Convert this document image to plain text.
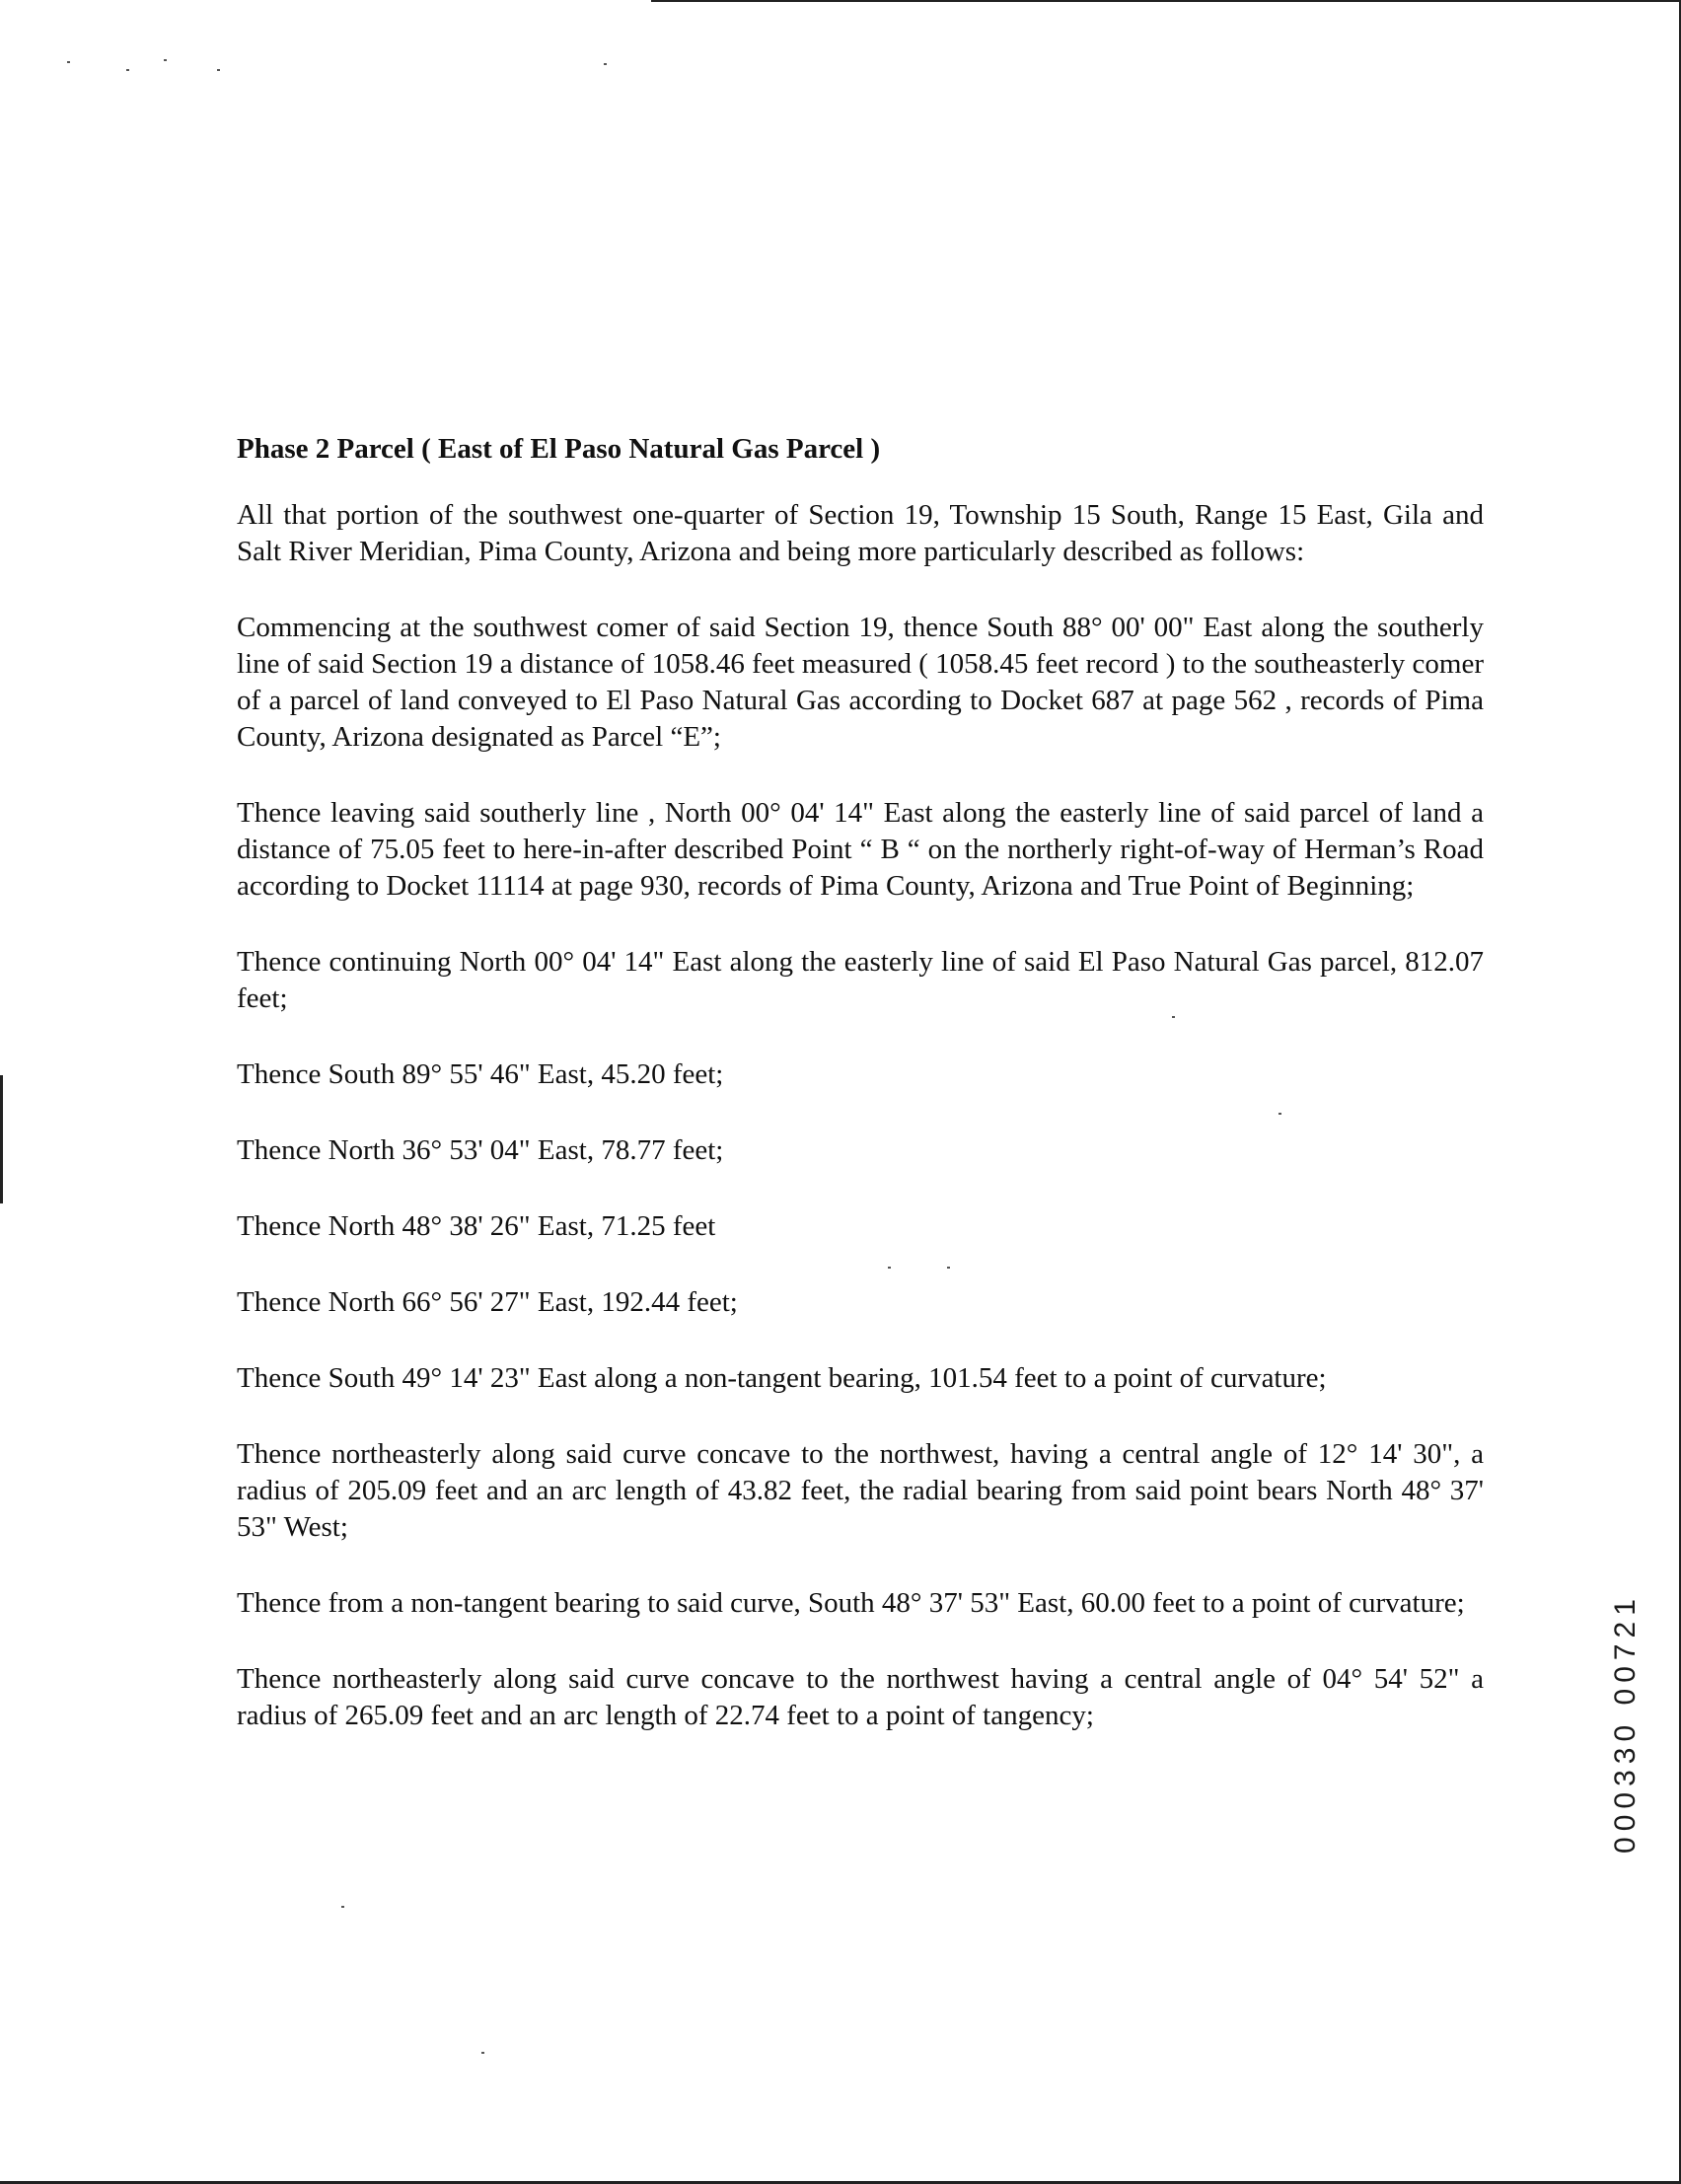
Phase 2 Parcel ( East of El Paso Natural Gas Parcel )

All that portion of the southwest one-quarter of Section 19, Township 15 South, Range 15 East, Gila and Salt River Meridian, Pima County, Arizona and being more particularly described as follows:

Commencing at the southwest comer of said Section 19, thence South 88° 00' 00" East along the southerly line of said Section 19 a distance of 1058.46 feet measured ( 1058.45 feet record ) to the southeasterly comer of a parcel of land conveyed to El Paso Natural Gas according to Docket 687 at page 562 , records of Pima County, Arizona designated as Parcel “E”;

Thence leaving said southerly line , North 00° 04' 14" East along the easterly line of said parcel of land a distance of 75.05 feet to here-in-after described Point “ B “ on the northerly right-of-way of Herman’s Road according to Docket 11114 at page 930, records of Pima County, Arizona and True Point of Beginning;

Thence continuing North 00° 04' 14" East along the easterly line of said El Paso Natural Gas parcel, 812.07 feet;

Thence South 89° 55' 46" East, 45.20 feet;

Thence North 36° 53' 04" East, 78.77 feet;

Thence North 48° 38' 26" East, 71.25 feet

Thence North 66° 56' 27" East, 192.44 feet;

Thence South 49° 14' 23" East along a non-tangent bearing, 101.54 feet to a point of curvature;

Thence northeasterly along said curve concave to the northwest, having a central angle of 12° 14' 30", a radius of 205.09 feet and an arc length of 43.82 feet, the radial bearing from said point bears North 48° 37' 53" West;

Thence from a non-tangent bearing to said curve, South 48° 37' 53" East, 60.00 feet to a point of curvature;

Thence northeasterly along said curve concave to the northwest having a central angle of 04° 54' 52" a radius of 265.09 feet and an arc length of 22.74 feet to a point of tangency;	000330 00721
